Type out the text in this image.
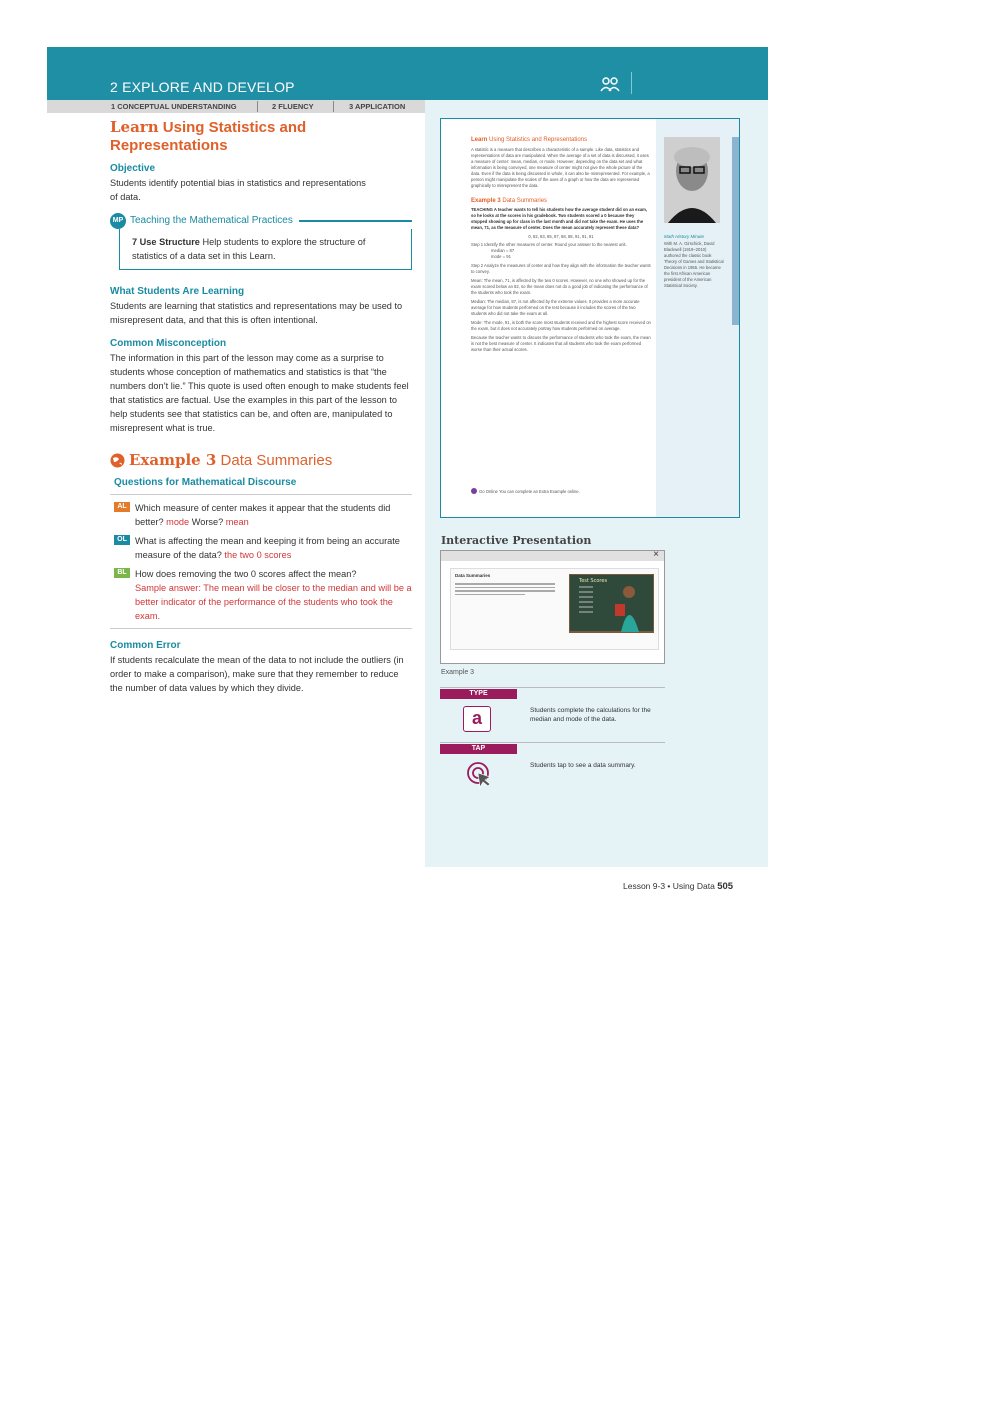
2 EXPLORE AND DEVELOP
1 CONCEPTUAL UNDERSTANDING	2 FLUENCY	3 APPLICATION
Learn Using Statistics and Representations
Objective

Students identify potential bias in statistics and representations of data.

MP Teaching the Mathematical Practices
7 Use Structure Help students to explore the structure of statistics of a data set in this Learn.
What Students Are Learning

Students are learning that statistics and representations may be used to misrepresent data, and that this is often intentional.

Common Misconception

The information in this part of the lesson may come as a surprise to students whose conception of mathematics and statistics is that “the numbers don’t lie.” This quote is used often enough to make students feel that statistics are factual. Use the examples in this part of the lesson to help students see that statistics can be, and often are, manipulated to misrepresent what is true.

Example 3 Data Summaries
Questions for Mathematical Discourse
AL Which measure of center makes it appear that the students did better? mode Worse? mean
OL What is affecting the mean and keeping it from being an accurate measure of the data? the two 0 scores
BL How does removing the two 0 scores affect the mean?
Sample answer: The mean will be closer to the median and will be a better indicator of the performance of the students who took the exam.
Common Error

If students recalculate the mean of the data to not include the outliers (in order to make a comparison), make sure that they remember to reduce the number of data values by which they divide.

Learn Using Statistics and Representations

A statistic is a measure that describes a characteristic of a sample. Like data, statistics and representations of data are manipulated. When the average of a set of data is discussed, it uses a measure of center: mean, median, or mode. However, depending on the data set and what information is being conveyed, one measure of center might not give the whole picture of the data. Even if the data is being discussed in whole, it can also be misrepresented. For example, a person might manipulate the scales of the axes of a graph or how the data are represented graphically to misrepresent the data.

Example 3 Data Summaries

TEACHING A teacher wants to tell his students how the average student did on an exam, so he looks at the scores in his gradebook. Two students scored a 0 because they stopped showing up for class in the last month and did not take the exam. He uses the mean, 71, as the measure of center. Does the mean accurately represent these data?

0, 82, 83, 85, 87, 88, 88, 91, 91, 91

Step 1 Identify the other measures of center. Round your answer to the nearest unit.

median = 87

mode = 91

Step 2 Analyze the measures of center and how they align with the information the teacher wants to convey.

Mean: The mean, 71, is affected by the two 0 scores. However, no one who showed up for the exam scored below an 82, so the mean does not do a good job of indicating the performance of the students who took the exam.

Median: The median, 87, is not affected by the extreme values. It provides a more accurate average for how students performed on the test because it includes the scores of the two students who did not take the exam at all.

Mode: The mode, 91, is both the score most students received and the highest score received on the exam, but it does not accurately portray how students performed on average.

Because the teacher wants to discuss the performance of students who took the exam, the mean is not the best measure of center. It indicates that all students who took the exam performed worse than their actual scores.

Go Online You can complete an Extra Example online.
Math History Minute

With M. A. Girschick, David Blackwell (1919–2010) authored the classic book Theory of Games and Statistical Decisions in 1955. He became the first African American president of the American Statistical Society.

Interactive Presentation
×
Data Summaries
Test Scores
Example 3
TYPE
a	Students complete the calculations for the median and mode of the data.
TAP
Students tap to see a data summary.
Lesson 9-3 • Using Data 505
